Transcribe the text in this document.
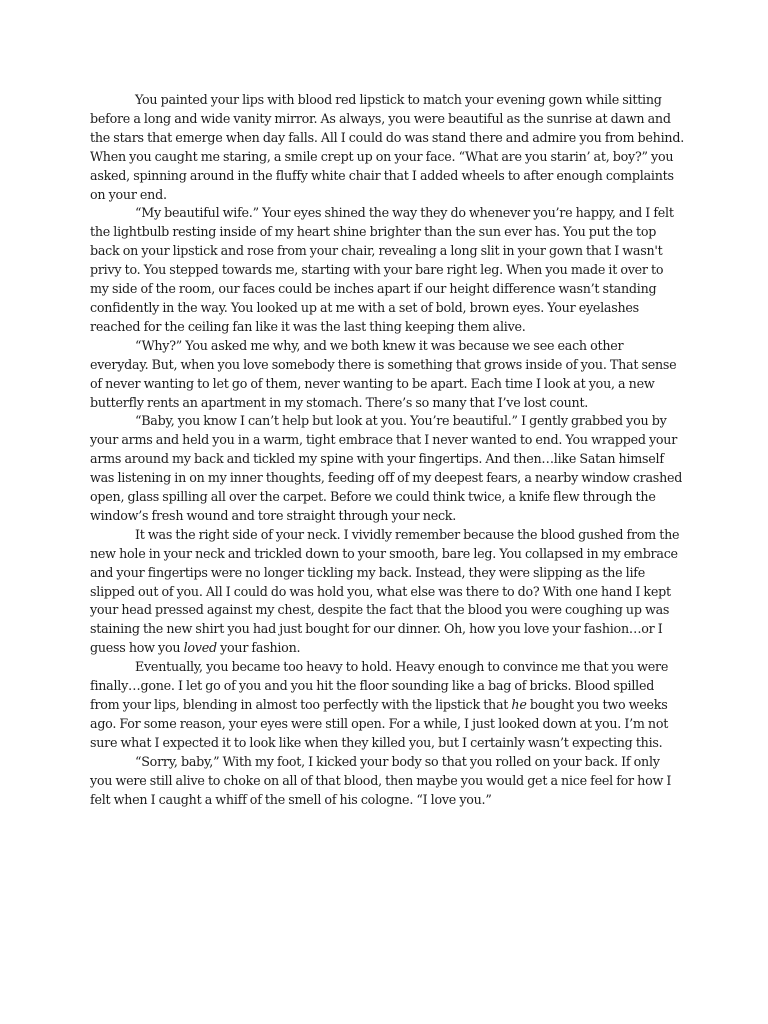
You painted your lips with blood red lipstick to match your evening gown while sitting before a long and wide vanity mirror. As always, you were beautiful as the sunrise at dawn and the stars that emerge when day falls. All I could do was stand there and admire you from behind. When you caught me staring, a smile crept up on your face. “What are you starin’ at, boy?” you asked, spinning around in the fluffy white chair that I added wheels to after enough complaints on your end.

“My beautiful wife.” Your eyes shined the way they do whenever you’re happy, and I felt the lightbulb resting inside of my heart shine brighter than the sun ever has. You put the top back on your lipstick and rose from your chair, revealing a long slit in your gown that I wasn't privy to. You stepped towards me, starting with your bare right leg. When you made it over to my side of the room, our faces could be inches apart if our height difference wasn’t standing confidently in the way. You looked up at me with a set of bold, brown eyes. Your eyelashes reached for the ceiling fan like it was the last thing keeping them alive.

“Why?” You asked me why, and we both knew it was because we see each other everyday. But, when you love somebody there is something that grows inside of you. That sense of never wanting to let go of them, never wanting to be apart. Each time I look at you, a new butterfly rents an apartment in my stomach. There’s so many that I’ve lost count.

“Baby, you know I can’t help but look at you. You’re beautiful.” I gently grabbed you by your arms and held you in a warm, tight embrace that I never wanted to end. You wrapped your arms around my back and tickled my spine with your fingertips. And then…like Satan himself was listening in on my inner thoughts, feeding off of my deepest fears, a nearby window crashed open, glass spilling all over the carpet. Before we could think twice, a knife flew through the window’s fresh wound and tore straight through your neck.

It was the right side of your neck. I vividly remember because the blood gushed from the new hole in your neck and trickled down to your smooth, bare leg. You collapsed in my embrace and your fingertips were no longer tickling my back. Instead, they were slipping as the life slipped out of you. All I could do was hold you, what else was there to do? With one hand I kept your head pressed against my chest, despite the fact that the blood you were coughing up was staining the new shirt you had just bought for our dinner. Oh, how you love your fashion…or I guess how you loved your fashion.

Eventually, you became too heavy to hold. Heavy enough to convince me that you were finally…gone. I let go of you and you hit the floor sounding like a bag of bricks. Blood spilled from your lips, blending in almost too perfectly with the lipstick that he bought you two weeks ago. For some reason, your eyes were still open. For a while, I just looked down at you. I’m not sure what I expected it to look like when they killed you, but I certainly wasn’t expecting this.

“Sorry, baby,” With my foot, I kicked your body so that you rolled on your back. If only you were still alive to choke on all of that blood, then maybe you would get a nice feel for how I felt when I caught a whiff of the smell of his cologne. “I love you.”
